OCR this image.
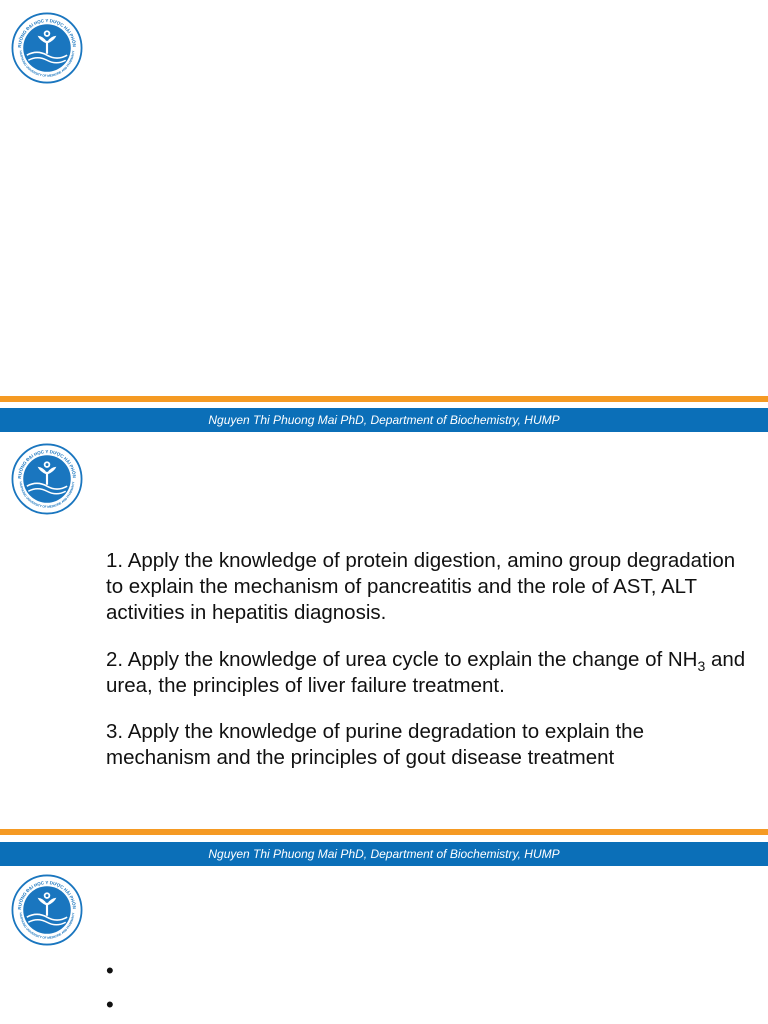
Nguyen Thi Phuong Mai PhD, Department of Biochemistry, HUMP

1. Apply the knowledge of protein digestion, amino group degradation to explain the mechanism of pancreatitis and the role of AST, ALT activities in hepatitis diagnosis.

2. Apply the knowledge of urea cycle to explain the change of $NH_3$ and urea, the principles of liver failure treatment.

3. Apply the knowledge of purine degradation to explain the mechanism and the principles of gout disease treatment

Nguyen Thi Phuong Mai PhD, Department of Biochemistry, HUMP
•
•
